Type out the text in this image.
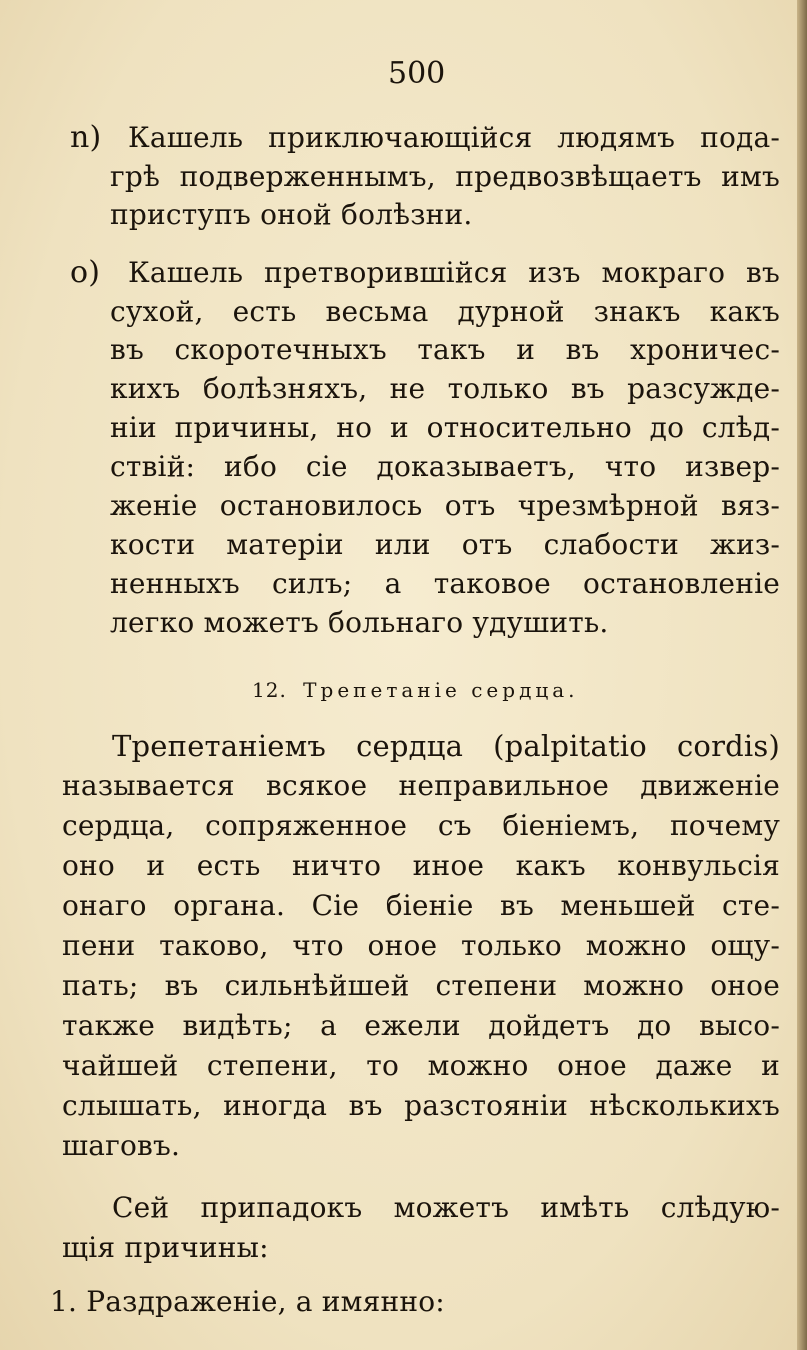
500
n) Кашель приключающійся людямъ пода-
грѣ подверженнымъ, предвозвѣщаетъ имъ
приступъ оной болѣзни.
o) Кашель претворившійся изъ мокраго въ
сухой, есть весьма дурной знакъ какъ
въ скоротечныхъ такъ и въ хроничес-
кихъ болѣзняхъ, не только въ разсужде-
ніи причины, но и относительно до слѣд-
ствій: ибо сіе доказываетъ, что извер-
женіе остановилось отъ чрезмѣрной вяз-
кости матеріи или отъ слабости жиз-
ненныхъ силъ; а таковое остановленіе
легко можетъ больнаго удушить.
12. Трепетаніе сердца.
Трепетаніемъ сердца (palpitatio cordis)
называется всякое неправильное движеніе
сердца, сопряженное съ біеніемъ, почему
оно и есть ничто иное какъ конвульсія
онаго органа. Сіе біеніе въ меньшей сте-
пени таково, что оное только можно ощу-
пать; въ сильнѣйшей степени можно оное
также видѣть; а ежели дойдетъ до высо-
чайшей степени, то можно оное даже и
слышать, иногда въ разстояніи нѣсколькихъ
шаговъ.
Сей припадокъ можетъ имѣть слѣдую-
щія причины:
1. Раздраженіе, а имянно:
